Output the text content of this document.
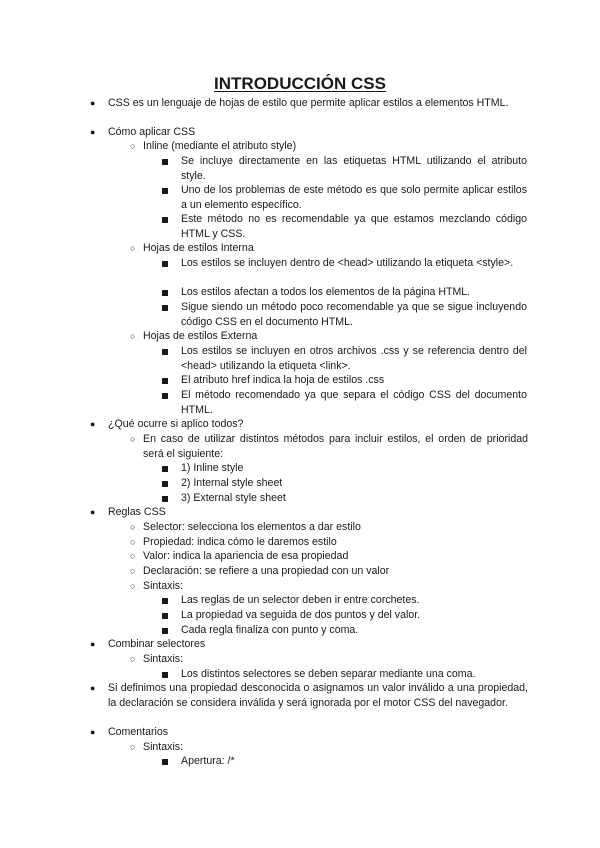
INTRODUCCIÓN CSS
● CSS es un lenguaje de hojas de estilo que permite aplicar estilos a elementos HTML.
● Cómo aplicar CSS
○ Inline (mediante el atributo style)
Se incluye directamente en las etiquetas HTML utilizando el atributo style.
Uno de los problemas de este método es que solo permite aplicar estilos a un elemento específico.
Este método no es recomendable ya que estamos mezclando código HTML y CSS.
○ Hojas de estilos Interna
Los estilos se incluyen dentro de <head> utilizando la etiqueta <style>.
Los estilos afectan a todos los elementos de la página HTML.
Sigue siendo un método poco recomendable ya que se sigue incluyendo código CSS en el documento HTML.
○ Hojas de estilos Externa
Los estilos se incluyen en otros archivos .css y se referencia dentro del <head> utilizando la etiqueta <link>.
El atributo href indica la hoja de estilos .css
El método recomendado ya que separa el código CSS del documento HTML.
● ¿Qué ocurre si aplico todos?
○ En caso de utilizar distintos métodos para incluir estilos, el orden de prioridad será el siguiente:
1) Inline style
2) Internal style sheet
3) External style sheet
● Reglas CSS
○ Selector: selecciona los elementos a dar estilo
○ Propiedad: indica cómo le daremos estilo
○ Valor: indica la apariencia de esa propiedad
○ Declaración: se refiere a una propiedad con un valor
○ Sintaxis:
Las reglas de un selector deben ir entre corchetes.
La propiedad va seguida de dos puntos y del valor.
Cada regla finaliza con punto y coma.
● Combinar selectores
○ Sintaxis:
Los distintos selectores se deben separar mediante una coma.
● Si definimos una propiedad desconocida o asignamos un valor inválido a una propiedad, la declaración se considera inválida y será ignorada por el motor CSS del navegador.
● Comentarios
○ Sintaxis:
Apertura: /*
